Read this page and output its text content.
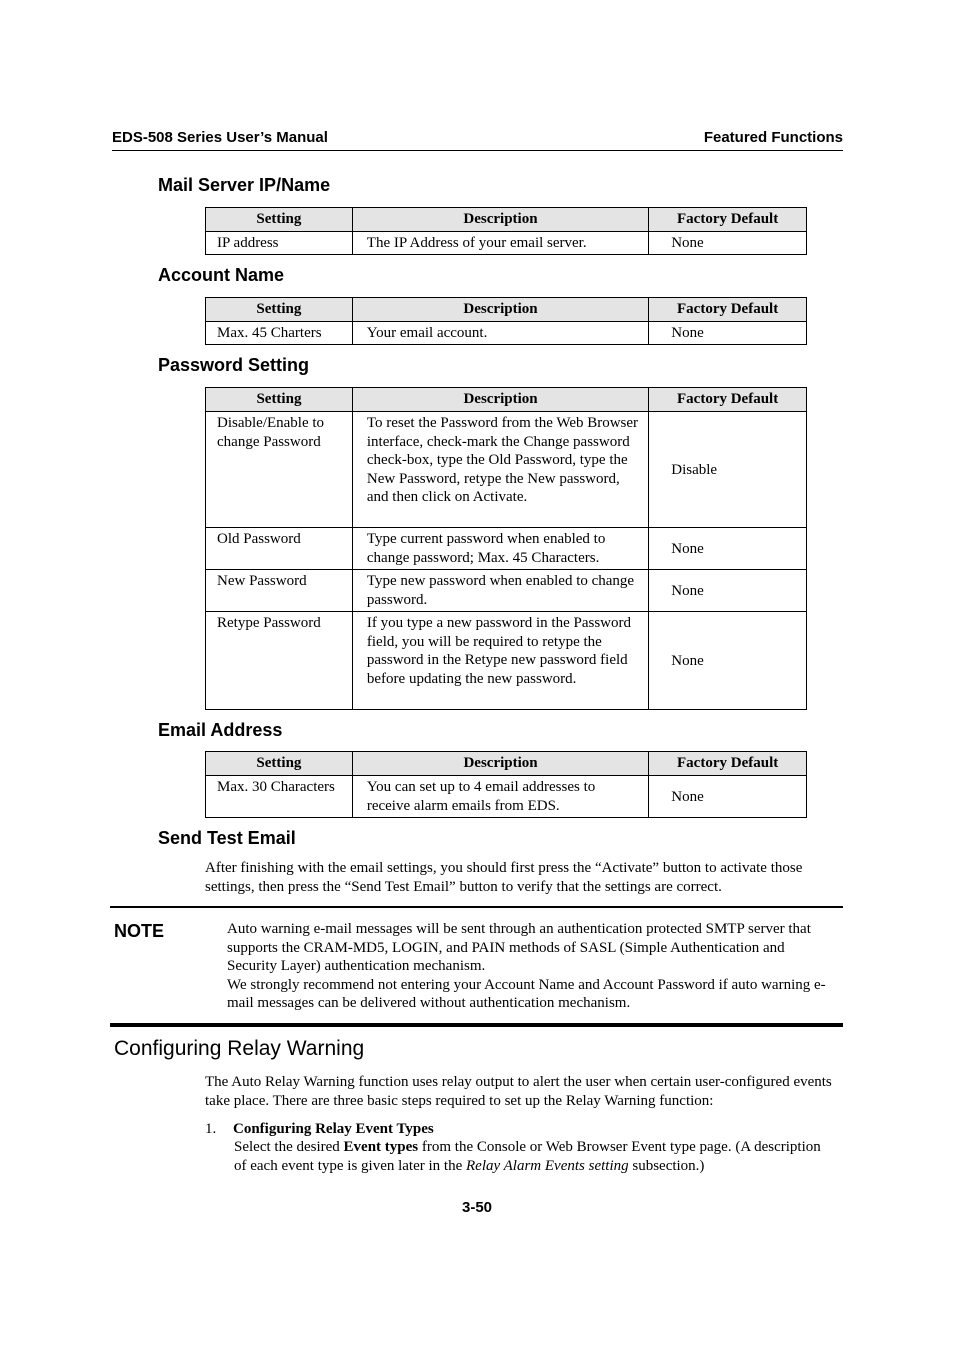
EDS-508 Series User’s Manual	Featured Functions
Mail Server IP/Name
Setting	Description	Factory Default
IP address	The IP Address of your email server.	None
Account Name
Setting	Description	Factory Default
Max. 45 Charters	Your email account.	None
Password Setting
Setting	Description	Factory Default
Disable/Enable to change Password	To reset the Password from the Web Browser interface, check-mark the Change password check-box, type the Old Password, type the New Password, retype the New password, and then click on Activate.	Disable
Old Password	Type current password when enabled to change password; Max. 45 Characters.	None
New Password	Type new password when enabled to change password.	None
Retype Password	If you type a new password in the Password field, you will be required to retype the password in the Retype new password field before updating the new password.	None
Email Address
Setting	Description	Factory Default
Max. 30 Characters	You can set up to 4 email addresses to receive alarm emails from EDS.	None
Send Test Email

After finishing with the email settings, you should first press the “Activate” button to activate those settings, then press the “Send Test Email” button to verify that the settings are correct.

NOTE	Auto warning e-mail messages will be sent through an authentication protected SMTP server that supports the CRAM-MD5, LOGIN, and PAIN methods of SASL (Simple Authentication and Security Layer) authentication mechanism.
We strongly recommend not entering your Account Name and Account Password if auto warning e-mail messages can be delivered without authentication mechanism.
Configuring Relay Warning

The Auto Relay Warning function uses relay output to alert the user when certain user-configured events take place. There are three basic steps required to set up the Relay Warning function:

1. Configuring Relay Event Types
Select the desired Event types from the Console or Web Browser Event type page. (A description of each event type is given later in the Relay Alarm Events setting subsection.)
3-50
